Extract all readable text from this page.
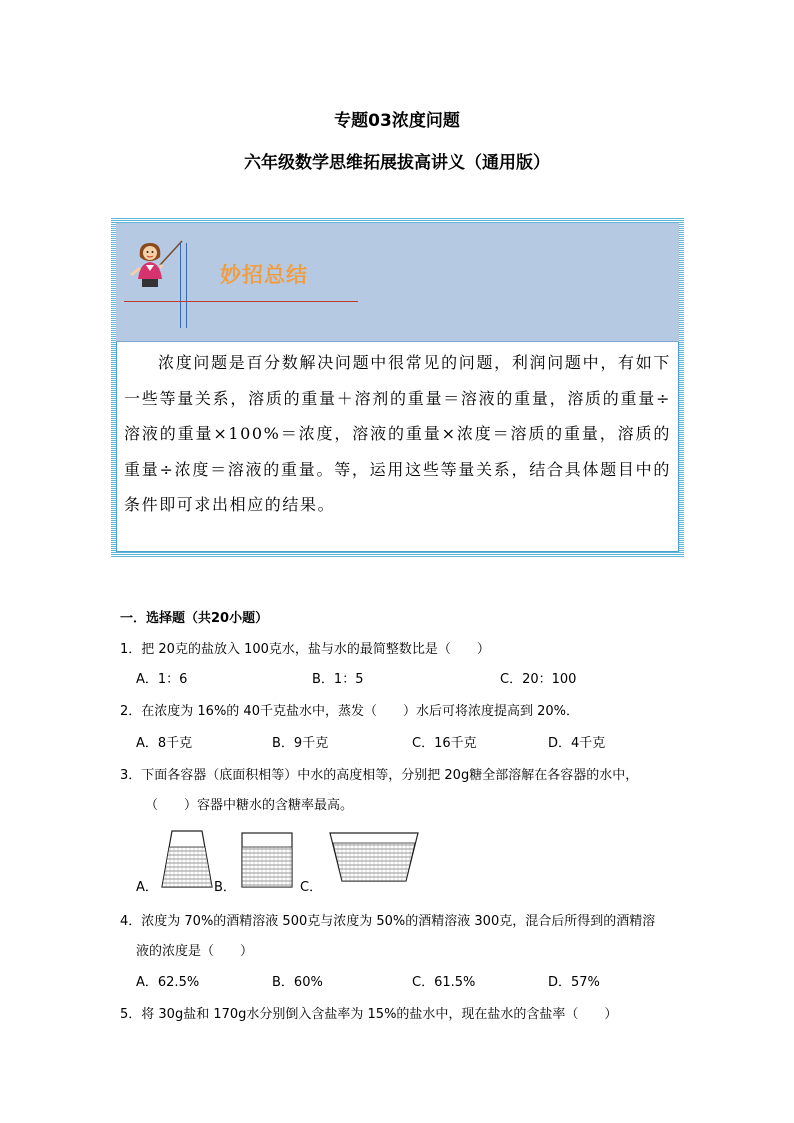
专题03浓度问题
六年级数学思维拓展拔高讲义（通用版）
妙招总结
浓度问题是百分数解决问题中很常见的问题，利润问题中，有如下一些等量关系，溶质的重量＋溶剂的重量＝溶液的重量，溶质的重量÷溶液的重量×100%＝浓度，溶液的重量×浓度＝溶质的重量，溶质的重量÷浓度＝溶液的重量。等，运用这些等量关系，结合具体题目中的条件即可求出相应的结果。
一．选择题（共20小题）
1．把 20克的盐放入 100克水，盐与水的最简整数比是（　　）
A．1：6	B．1：5	C．20：100
2．在浓度为 16%的 40千克盐水中，蒸发（　　）水后可将浓度提高到 20%．
A．8千克	B．9千克	C．16千克	D．4千克
3．下面各容器（底面积相等）中水的高度相等，分别把 20g糖全部溶解在各容器的水中，
（　　）容器中糖水的含糖率最高。
A．	B．	C．
4．浓度为 70%的酒精溶液 500克与浓度为 50%的酒精溶液 300克，混合后所得到的酒精溶
液的浓度是（　　）
A．62.5%	B．60%	C．61.5%	D．57%
5．将 30g盐和 170g水分别倒入含盐率为 15%的盐水中，现在盐水的含盐率（　　）
